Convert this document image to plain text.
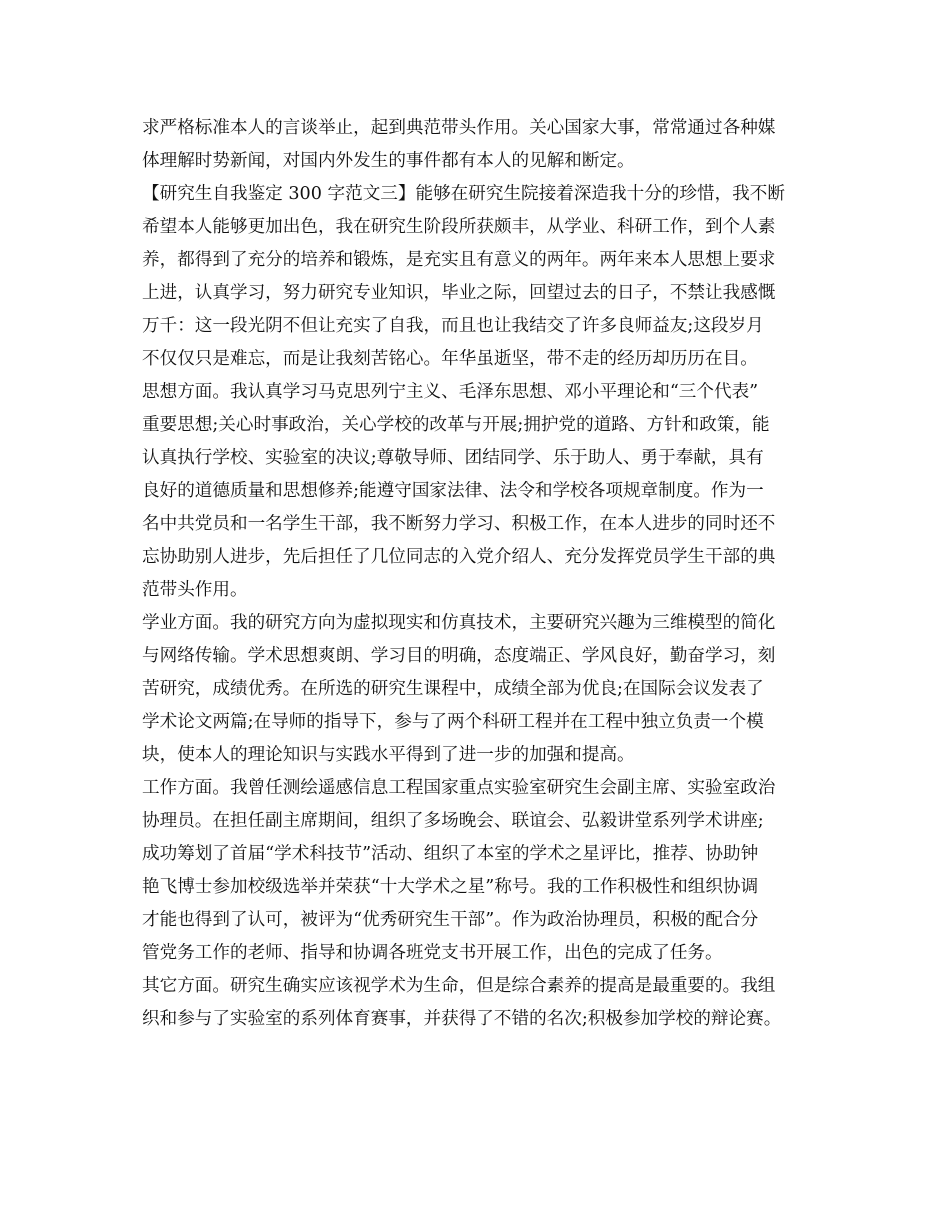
求严格标准本人的言谈举止，起到典范带头作用。关心国家大事，常常通过各种媒
体理解时势新闻，对国内外发生的事件都有本人的见解和断定。
【研究生自我鉴定 300 字范文三】能够在研究生院接着深造我十分的珍惜，我不断
希望本人能够更加出色，我在研究生阶段所获颇丰，从学业、科研工作，到个人素
养，都得到了充分的培养和锻炼，是充实且有意义的两年。两年来本人思想上要求
上进，认真学习，努力研究专业知识，毕业之际，回望过去的日子，不禁让我感慨
万千：这一段光阴不但让充实了自我，而且也让我结交了许多良师益友;这段岁月
不仅仅只是难忘，而是让我刻苦铭心。年华虽逝坚，带不走的经历却历历在目。
思想方面。我认真学习马克思列宁主义、毛泽东思想、邓小平理论和“三个代表”
重要思想;关心时事政治，关心学校的改革与开展;拥护党的道路、方针和政策，能
认真执行学校、实验室的决议;尊敬导师、团结同学、乐于助人、勇于奉献，具有
良好的道德质量和思想修养;能遵守国家法律、法令和学校各项规章制度。作为一
名中共党员和一名学生干部，我不断努力学习、积极工作，在本人进步的同时还不
忘协助别人进步，先后担任了几位同志的入党介绍人、充分发挥党员学生干部的典
范带头作用。
学业方面。我的研究方向为虚拟现实和仿真技术，主要研究兴趣为三维模型的简化
与网络传输。学术思想爽朗、学习目的明确，态度端正、学风良好，勤奋学习，刻
苦研究，成绩优秀。在所选的研究生课程中，成绩全部为优良;在国际会议发表了
学术论文两篇;在导师的指导下，参与了两个科研工程并在工程中独立负责一个模
块，使本人的理论知识与实践水平得到了进一步的加强和提高。
工作方面。我曾任测绘遥感信息工程国家重点实验室研究生会副主席、实验室政治
协理员。在担任副主席期间，组织了多场晚会、联谊会、弘毅讲堂系列学术讲座;
成功筹划了首届“学术科技节”活动、组织了本室的学术之星评比，推荐、协助钟
艳飞博士参加校级选举并荣获“十大学术之星”称号。我的工作积极性和组织协调
才能也得到了认可，被评为“优秀研究生干部”。作为政治协理员，积极的配合分
管党务工作的老师、指导和协调各班党支书开展工作，出色的完成了任务。
其它方面。研究生确实应该视学术为生命，但是综合素养的提高是最重要的。我组
织和参与了实验室的系列体育赛事，并获得了不错的名次;积极参加学校的辩论赛。
